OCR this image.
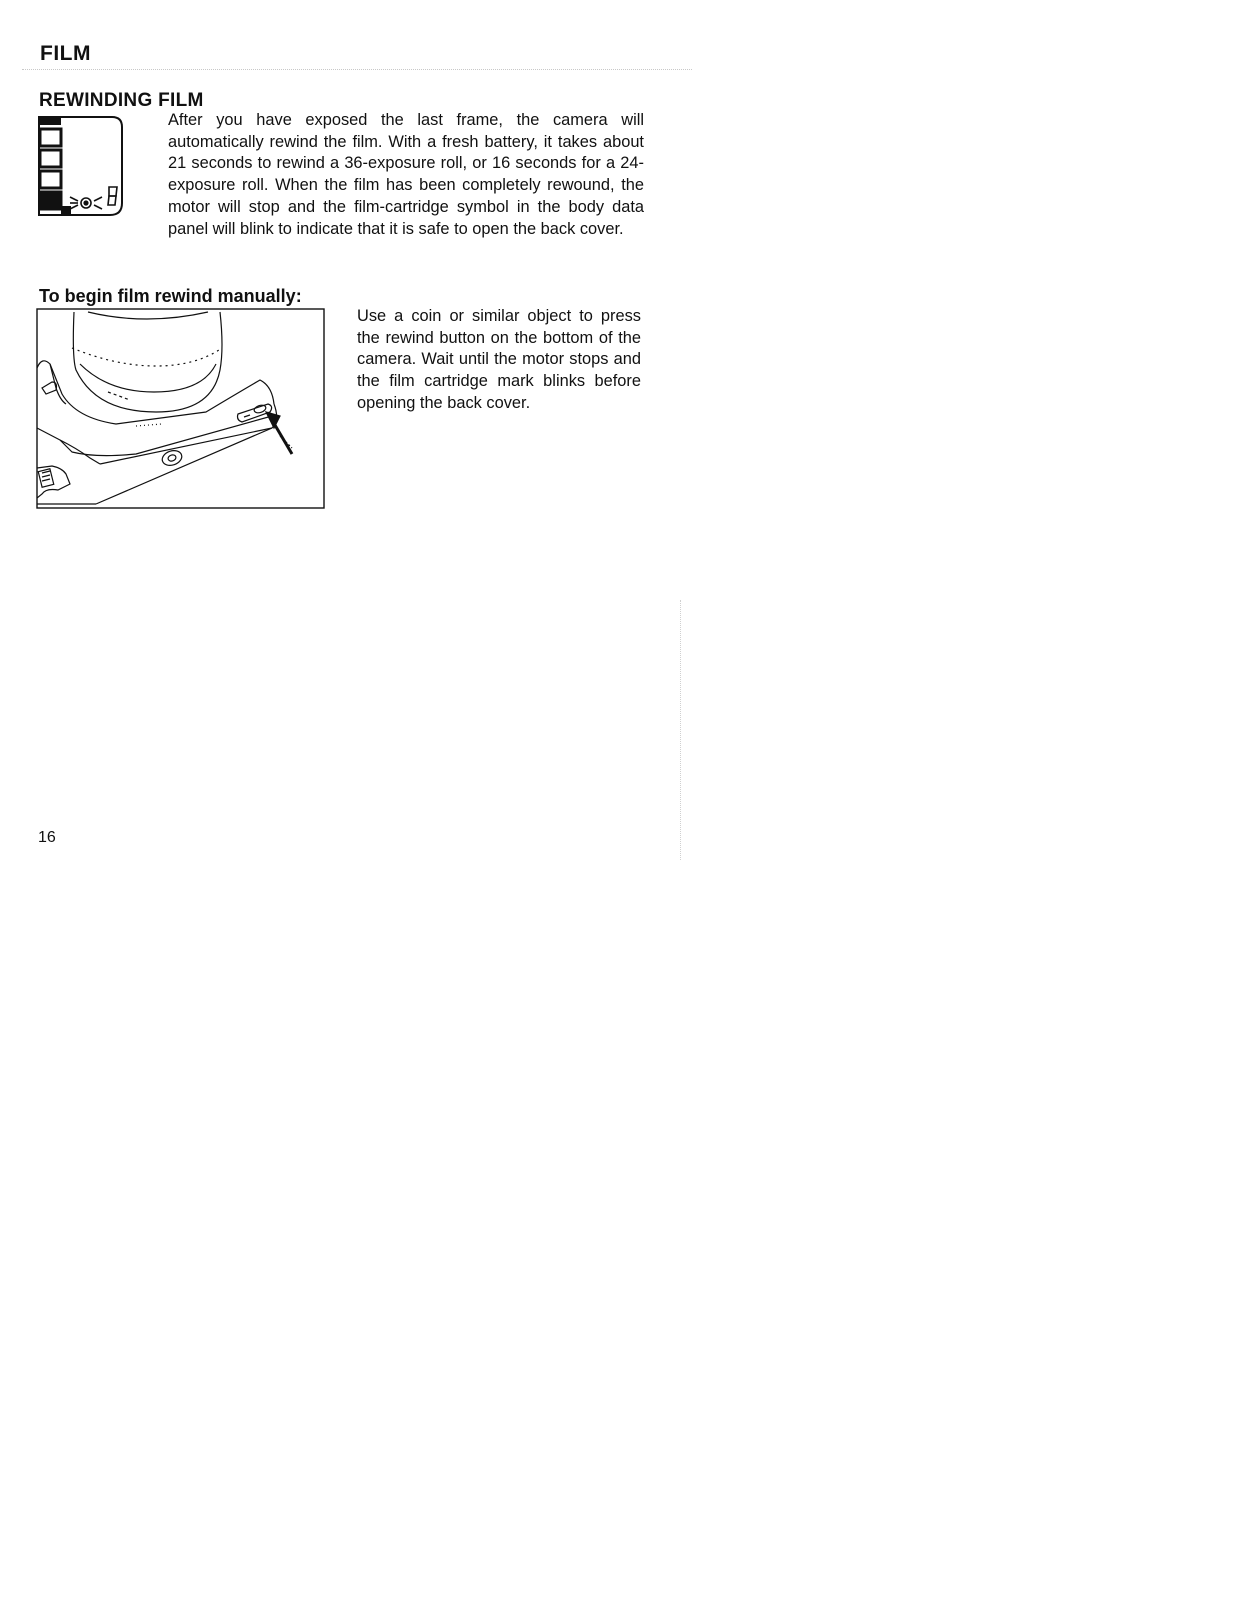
FILM
REWINDING FILM
After you have exposed the last frame, the camera will automatically rewind the film. With a fresh battery, it takes about 21 seconds to rewind a 36-exposure roll, or 16 seconds for a 24-exposure roll. When the film has been completely rewound, the motor will stop and the film-cartridge symbol in the body data panel will blink to indicate that it is safe to open the back cover.
To begin film rewind manually:
Use a coin or similar object to press the rewind button on the bottom of the camera. Wait until the motor stops and the film cartridge mark blinks before opening the back cover.
16
